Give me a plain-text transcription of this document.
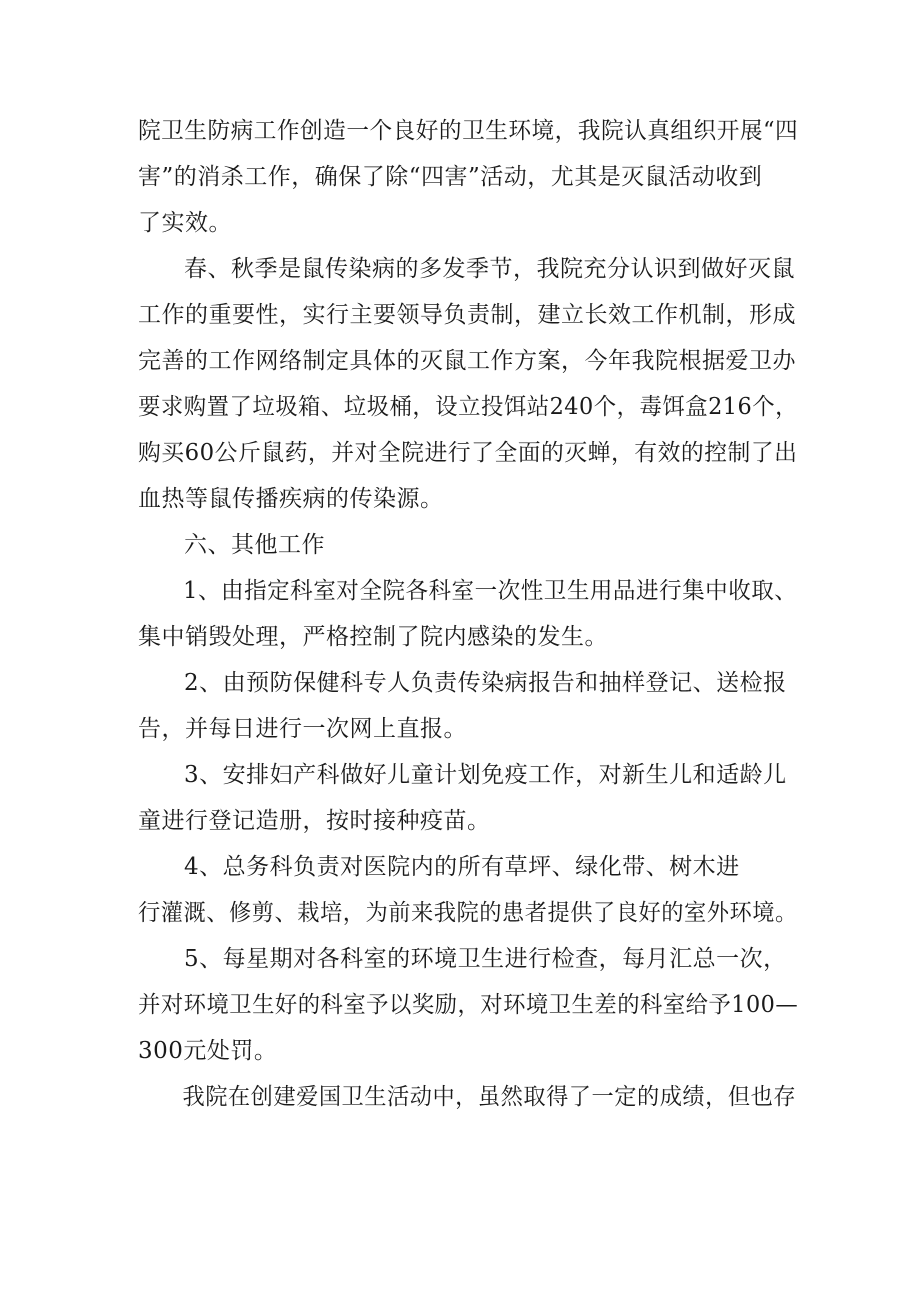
院卫生防病工作创造一个良好的卫生环境，我院认真组织开展“四
害”的消杀工作，确保了除“四害”活动，尤其是灭鼠活动收到
了实效。
春、秋季是鼠传染病的多发季节，我院充分认识到做好灭鼠
工作的重要性，实行主要领导负责制，建立长效工作机制，形成
完善的工作网络制定具体的灭鼠工作方案，今年我院根据爱卫办
要求购置了垃圾箱、垃圾桶，设立投饵站240个，毒饵盒216个，
购买60公斤鼠药，并对全院进行了全面的灭蝉，有效的控制了出
血热等鼠传播疾病的传染源。
六、其他工作
1、由指定科室对全院各科室一次性卫生用品进行集中收取、
集中销毁处理，严格控制了院内感染的发生。
2、由预防保健科专人负责传染病报告和抽样登记、送检报
告，并每日进行一次网上直报。
3、安排妇产科做好儿童计划免疫工作，对新生儿和适龄儿
童进行登记造册，按时接种疫苗。
4、总务科负责对医院内的所有草坪、绿化带、树木进
行灌溉、修剪、栽培，为前来我院的患者提供了良好的室外环境。
5、每星期对各科室的环境卫生进行检查，每月汇总一次，
并对环境卫生好的科室予以奖励，对环境卫生差的科室给予100—
300元处罚。
我院在创建爱国卫生活动中，虽然取得了一定的成绩，但也存
